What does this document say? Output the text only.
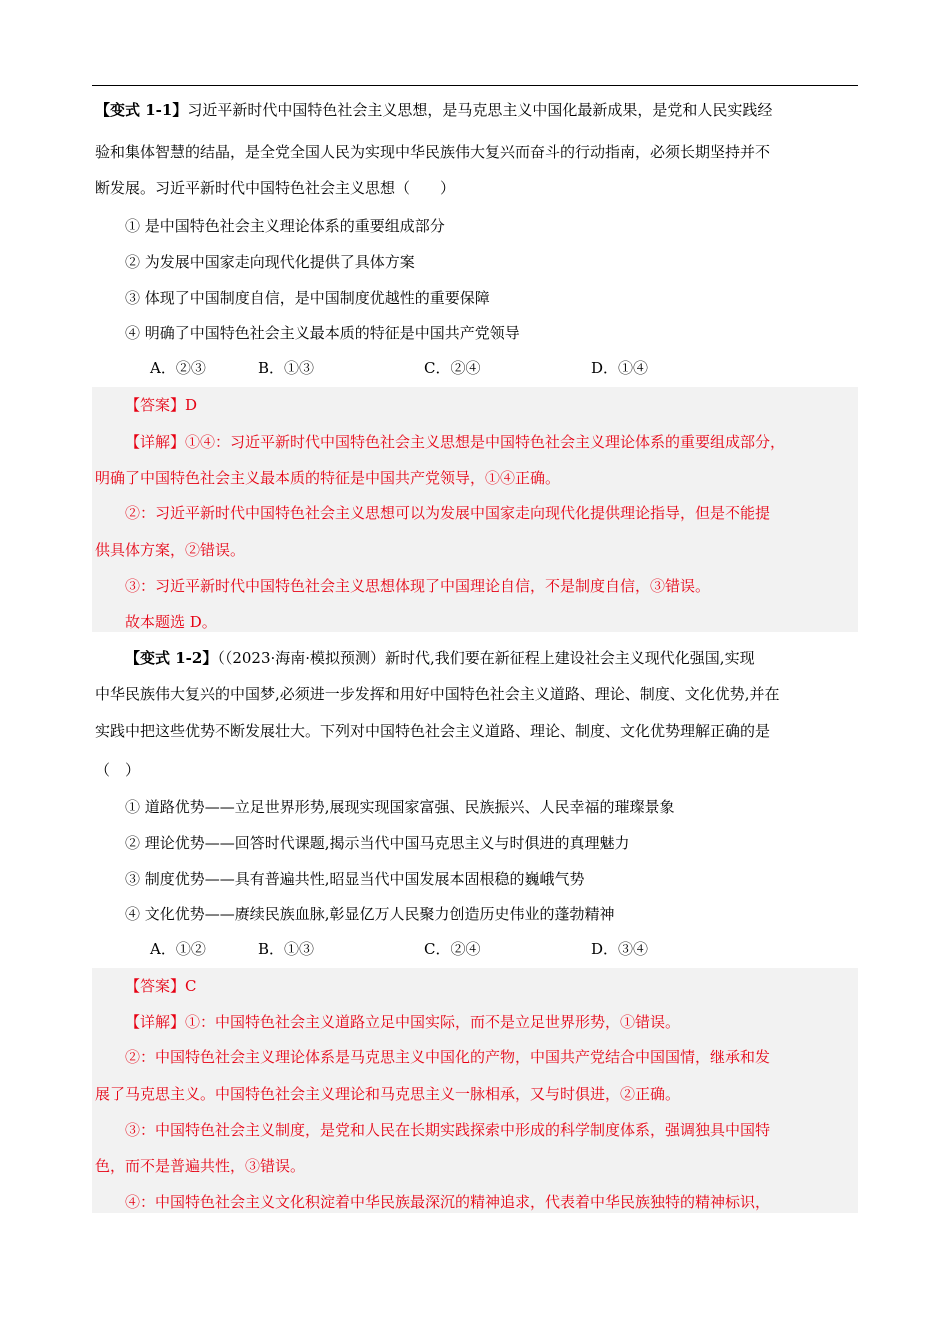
【变式 1-1】习近平新时代中国特色社会主义思想，是马克思主义中国化最新成果，是党和人民实践经
验和集体智慧的结晶，是全党全国人民为实现中华民族伟大复兴而奋斗的行动指南，必须长期坚持并不
断发展。习近平新时代中国特色社会主义思想（　　）
① 是中国特色社会主义理论体系的重要组成部分
② 为发展中国家走向现代化提供了具体方案
③ 体现了中国制度自信，是中国制度优越性的重要保障
④ 明确了中国特色社会主义最本质的特征是中国共产党领导
A．②③	B．①③	C．②④	D．①④
【答案】D
【详解】①④：习近平新时代中国特色社会主义思想是中国特色社会主义理论体系的重要组成部分，
明确了中国特色社会主义最本质的特征是中国共产党领导，①④正确。
②：习近平新时代中国特色社会主义思想可以为发展中国家走向现代化提供理论指导，但是不能提
供具体方案，②错误。
③：习近平新时代中国特色社会主义思想体现了中国理论自信，不是制度自信，③错误。
故本题选 D。
【变式 1-2】（（2023·海南·模拟预测）新时代,我们要在新征程上建设社会主义现代化强国,实现
中华民族伟大复兴的中国梦,必须进一步发挥和用好中国特色社会主义道路、理论、制度、文化优势,并在
实践中把这些优势不断发展壮大。下列对中国特色社会主义道路、理论、制度、文化优势理解正确的是
（　）
① 道路优势——立足世界形势,展现实现国家富强、民族振兴、人民幸福的璀璨景象
② 理论优势——回答时代课题,揭示当代中国马克思主义与时俱进的真理魅力
③ 制度优势——具有普遍共性,昭显当代中国发展本固根稳的巍峨气势
④ 文化优势——赓续民族血脉,彰显亿万人民聚力创造历史伟业的蓬勃精神
A．①②	B．①③	C．②④	D．③④
【答案】C
【详解】①：中国特色社会主义道路立足中国实际，而不是立足世界形势，①错误。
②：中国特色社会主义理论体系是马克思主义中国化的产物，中国共产党结合中国国情，继承和发
展了马克思主义。中国特色社会主义理论和马克思主义一脉相承，又与时俱进，②正确。
③：中国特色社会主义制度，是党和人民在长期实践探索中形成的科学制度体系，强调独具中国特
色，而不是普遍共性，③错误。
④：中国特色社会主义文化积淀着中华民族最深沉的精神追求，代表着中华民族独特的精神标识，
